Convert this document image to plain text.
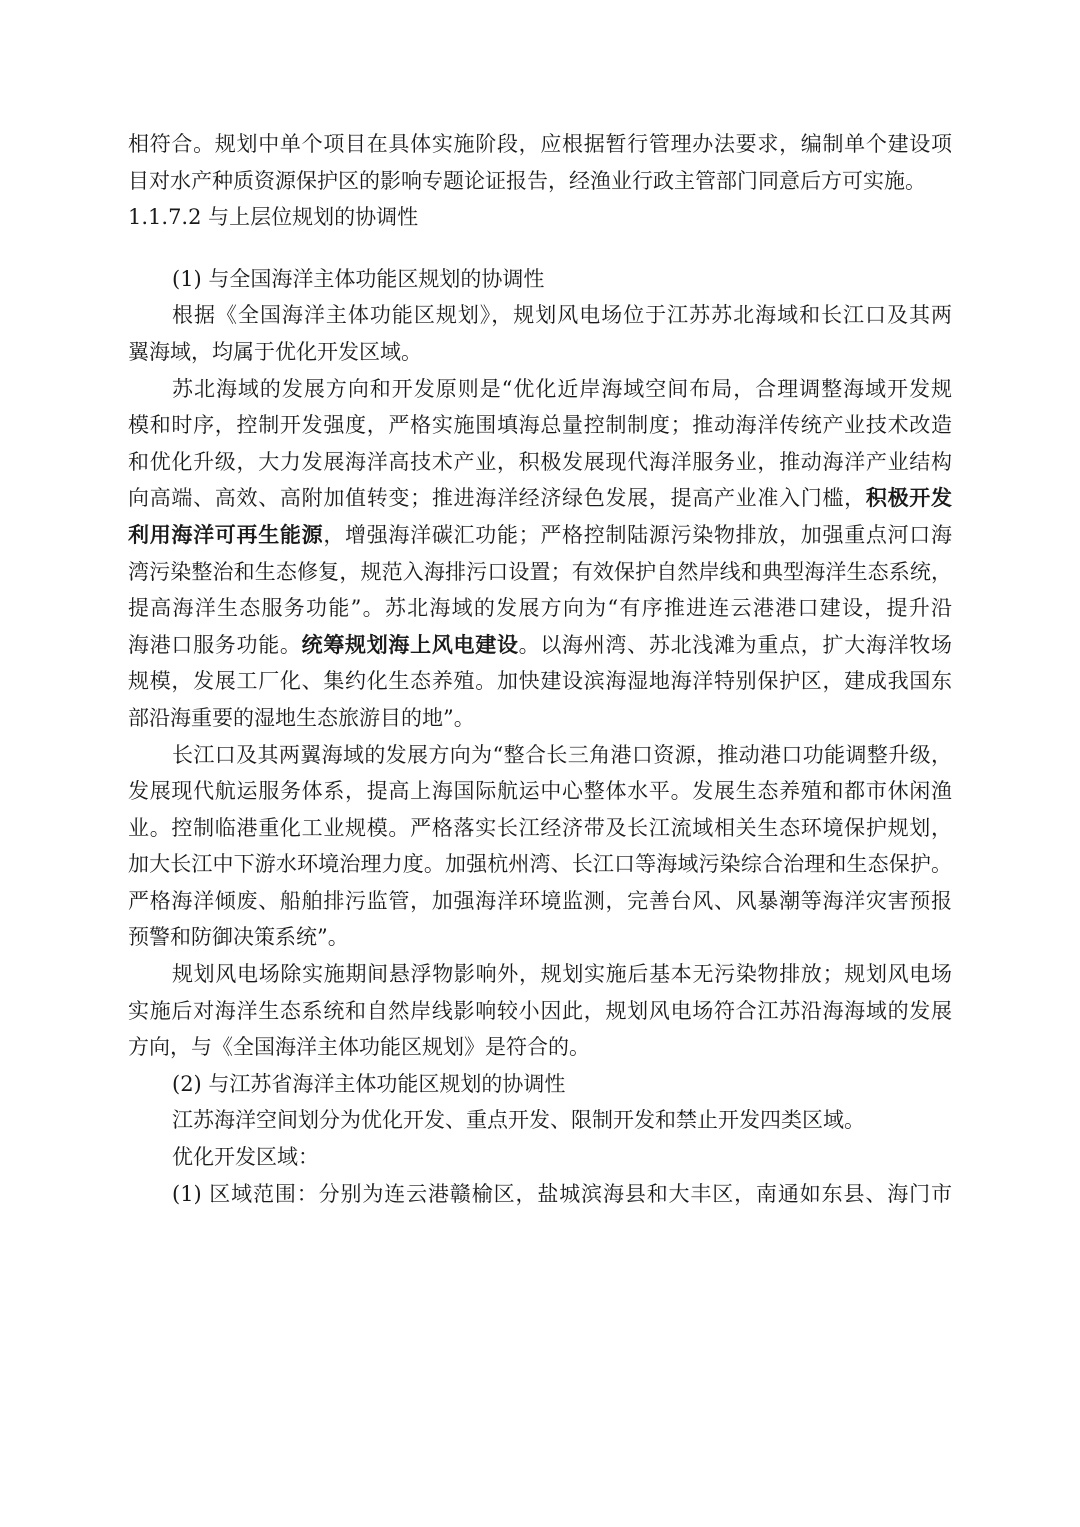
相符合。规划中单个项目在具体实施阶段，应根据暂行管理办法要求，编制单个建设项
目对水产种质资源保护区的影响专题论证报告，经渔业行政主管部门同意后方可实施。
1.1.7.2 与上层位规划的协调性
(1) 与全国海洋主体功能区规划的协调性
根据《全国海洋主体功能区规划》，规划风电场位于江苏苏北海域和长江口及其两
翼海域，均属于优化开发区域。
苏北海域的发展方向和开发原则是“优化近岸海域空间布局，合理调整海域开发规
模和时序，控制开发强度，严格实施围填海总量控制制度；推动海洋传统产业技术改造
和优化升级，大力发展海洋高技术产业，积极发展现代海洋服务业，推动海洋产业结构
向高端、高效、高附加值转变；推进海洋经济绿色发展，提高产业准入门槛，积极开发
利用海洋可再生能源，增强海洋碳汇功能；严格控制陆源污染物排放，加强重点河口海
湾污染整治和生态修复，规范入海排污口设置；有效保护自然岸线和典型海洋生态系统，
提高海洋生态服务功能”。苏北海域的发展方向为“有序推进连云港港口建设，提升沿
海港口服务功能。统筹规划海上风电建设。以海州湾、苏北浅滩为重点，扩大海洋牧场
规模，发展工厂化、集约化生态养殖。加快建设滨海湿地海洋特别保护区，建成我国东
部沿海重要的湿地生态旅游目的地”。
长江口及其两翼海域的发展方向为“整合长三角港口资源，推动港口功能调整升级，
发展现代航运服务体系，提高上海国际航运中心整体水平。发展生态养殖和都市休闲渔
业。控制临港重化工业规模。严格落实长江经济带及长江流域相关生态环境保护规划，
加大长江中下游水环境治理力度。加强杭州湾、长江口等海域污染综合治理和生态保护。
严格海洋倾废、船舶排污监管，加强海洋环境监测，完善台风、风暴潮等海洋灾害预报
预警和防御决策系统”。
规划风电场除实施期间悬浮物影响外，规划实施后基本无污染物排放；规划风电场
实施后对海洋生态系统和自然岸线影响较小因此，规划风电场符合江苏沿海海域的发展
方向，与《全国海洋主体功能区规划》是符合的。
(2) 与江苏省海洋主体功能区规划的协调性
江苏海洋空间划分为优化开发、重点开发、限制开发和禁止开发四类区域。
优化开发区域：
(1) 区域范围：分别为连云港赣榆区，盐城滨海县和大丰区，南通如东县、海门市
